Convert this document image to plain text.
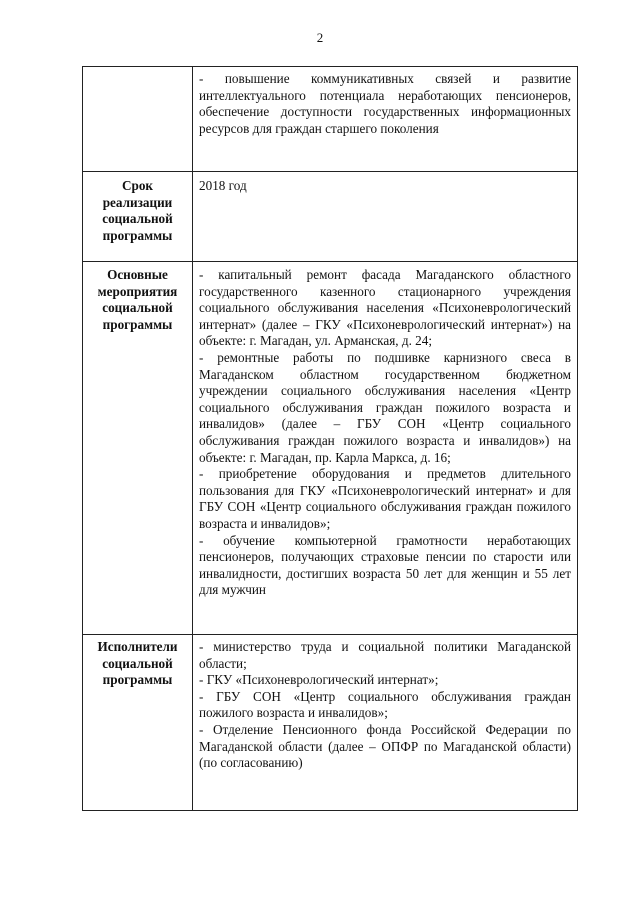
2

	- повышение коммуникативных связей и развитие интеллектуального потенциала неработающих пенсионеров, обеспечение доступности государственных информационных ресурсов для граждан старшего поколения

Срок реализации социальной программы	2018 год
Основные мероприятия социальной программы	- капитальный ремонт фасада Магаданского областного государственного казенного стационарного учреждения социального обслуживания населения «Психоневрологический интернат» (далее – ГКУ «Психоневрологический интернат») на объекте: г. Магадан, ул. Арманская, д. 24;
- ремонтные работы по подшивке карнизного свеса в Магаданском областном государственном бюджетном учреждении социального обслуживания населения «Центр социального обслуживания граждан пожилого возраста и инвалидов» (далее – ГБУ СОН «Центр социального обслуживания граждан пожилого возраста и инвалидов») на объекте: г. Магадан, пр. Карла Маркса, д. 16;
- приобретение оборудования и предметов длительного пользования для ГКУ «Психоневрологический интернат» и для ГБУ СОН «Центр социального обслуживания граждан пожилого возраста и инвалидов»;
- обучение компьютерной грамотности неработающих пенсионеров, получающих страховые пенсии по старости или инвалидности, достигших возраста 50 лет для женщин и 55 лет для мужчин

Исполнители социальной программы	- министерство труда и социальной политики Магаданской области;
- ГКУ «Психоневрологический интернат»;
- ГБУ СОН «Центр социального обслуживания граждан пожилого возраста и инвалидов»;
- Отделение Пенсионного фонда Российской Федерации по Магаданской области (далее – ОПФР по Магаданской области) (по согласованию)
